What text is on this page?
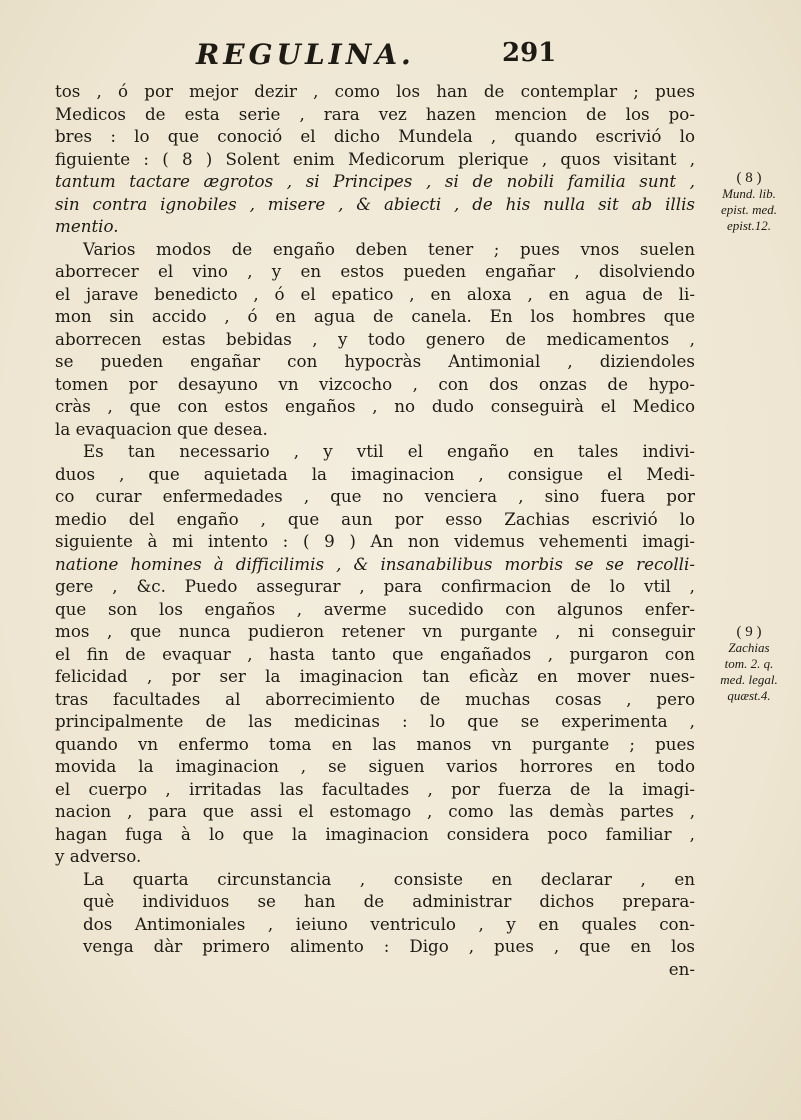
REGULINA.	291
tos , ó por mejor dezir , como los han de contemplar ; pues
Medicos de esta serie , rara vez hazen mencion de los po-
bres : lo que conoció el dicho Mundela , quando escrivió lo
figuiente : ( 8 ) Solent enim Medicorum plerique , quos visitant ,
tantum tactare ægrotos , si Principes , si de nobili familia sunt ,
sin contra ignobiles , misere , & abiecti , de his nulla sit ab illis
mentio.
Varios modos de engaño deben tener ; pues vnos suelen
aborrecer el vino , y en estos pueden engañar , disolviendo
el jarave benedicto , ó el epatico , en aloxa , en agua de li-
mon sin accido , ó en agua de canela. En los hombres que
aborrecen estas bebidas , y todo genero de medicamentos ,
se pueden engañar con hypocràs Antimonial , diziendoles
tomen por desayuno vn vizcocho , con dos onzas de hypo-
cràs , que con estos engaños , no dudo conseguirà el Medico
la evaquacion que desea.
Es tan necessario , y vtil el engaño en tales indivi-
duos , que aquietada la imaginacion , consigue el Medi-
co curar enfermedades , que no venciera , sino fuera por
medio del engaño , que aun por esso Zachias escrivió lo
siguiente à mi intento : ( 9 ) An non videmus vehementi imagi-
natione homines à difficilimis , & insanabilibus morbis se se recolli-
gere , &c. Puedo assegurar , para confirmacion de lo vtil ,
que son los engaños , averme sucedido con algunos enfer-
mos , que nunca pudieron retener vn purgante , ni conseguir
el fin de evaquar , hasta tanto que engañados , purgaron con
felicidad , por ser la imaginacion tan eficàz en mover nues-
tras facultades al aborrecimiento de muchas cosas , pero
principalmente de las medicinas : lo que se experimenta ,
quando vn enfermo toma en las manos vn purgante ; pues
movida la imaginacion , se siguen varios horrores en todo
el cuerpo , irritadas las facultades , por fuerza de la imagi-
nacion , para que assi el estomago , como las demàs partes ,
hagan fuga à lo que la imaginacion considera poco familiar ,
y adverso.
La quarta circunstancia , consiste en declarar , en
què individuos se han de administrar dichos prepara-
dos Antimoniales , ieiuno ventriculo , y en quales con-
venga dàr primero alimento : Digo , pues , que en los
en-
( 8 )
Mund. lib.
epist. med.
epist.12.
( 9 )
Zachias
tom. 2. q.
med. legal.
quæst.4.
